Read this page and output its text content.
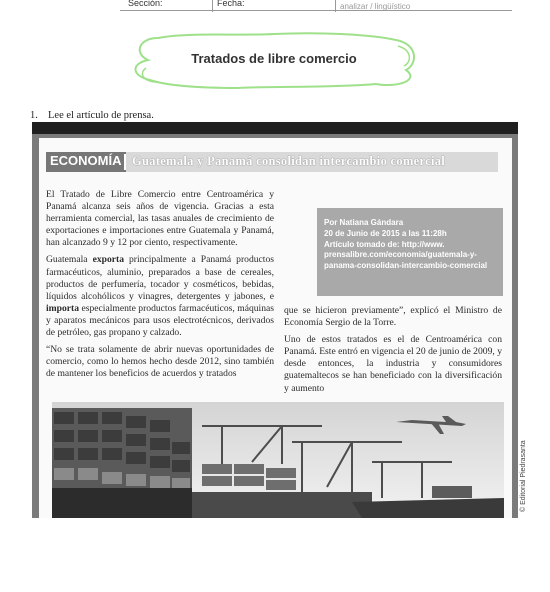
Sección:	Fecha:	analizar / lingüístico
Tratados de libre comercio
1. Lee el artículo de prensa.
ECONOMÍA Guatemala y Panamá consolidan intercambio comercial

El Tratado de Libre Comercio entre Centroamérica y Panamá alcanza seis años de vigencia. Gracias a esta herramienta comercial, las tasas anuales de crecimiento de exportaciones e importaciones entre Guatemala y Panamá, han alcanzado 9 y 12 por ciento, respectivamente.

Guatemala exporta principalmente a Panamá productos farmacéuticos, aluminio, preparados a base de cereales, productos de perfumería, tocador y cosméticos, bebidas, líquidos alcohólicos y vinagres, detergentes y jabones, e importa especialmente productos farmacéuticos, máquinas y aparatos mecánicos para usos electrotécnicos, derivados de petróleo, gas propano y calzado.

“No se trata solamente de abrir nuevas oportunidades de comercio, como lo hemos hecho desde 2012, sino también de mantener los beneficios de acuerdos y tratados

Por Natiana Gándara
20 de Junio de 2015 a las 11:28h
Artículo tomado de: http://www.
prensalibre.com/economia/guatemala-y-
panama-consolidan-intercambio-comercial

que se hicieron previamente”, explicó el Ministro de Economía Sergio de la Torre.

Uno de estos tratados es el de Centroamérica con Panamá. Este entró en vigencia el 20 de junio de 2009, y desde entonces, la industria y consumidores guatemaltecos se han beneficiado con la diversificación y aumento

© Editorial Piedrasanta
